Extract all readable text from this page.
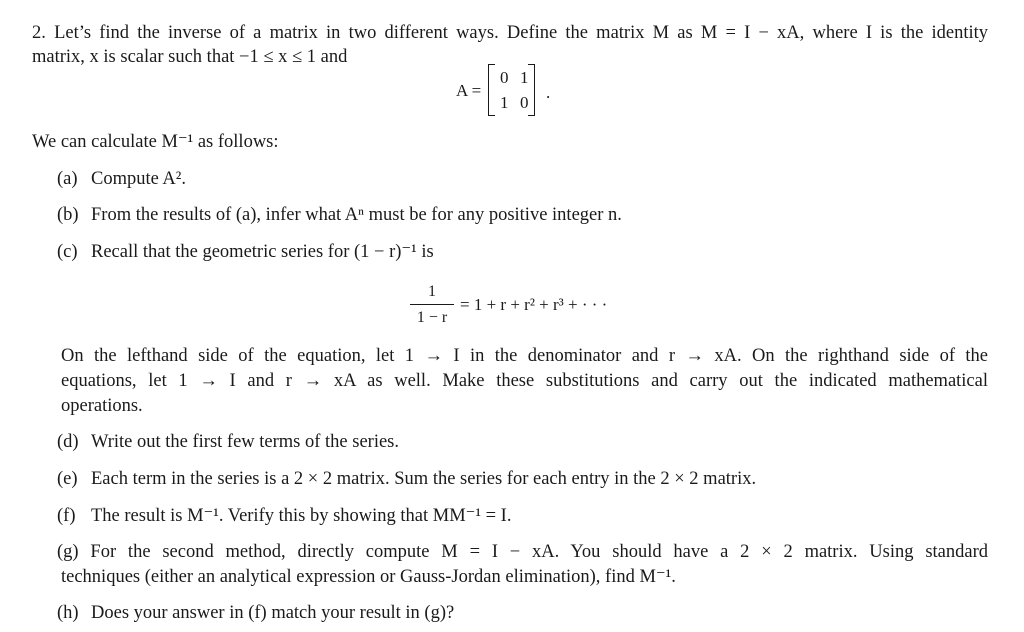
2. Let’s find the inverse of a matrix in two different ways. Define the matrix M as M = I − xA, where I is the identity
matrix, x is scalar such that −1 ≤ x ≤ 1 and
A =
0 1
1 0
.
We can calculate M⁻¹ as follows:
(a) Compute A².
(b) From the results of (a), infer what Aⁿ must be for any positive integer n.
(c) Recall that the geometric series for (1 − r)⁻¹ is
1
1 − r
= 1 + r + r² + r³ + · · ·
On the lefthand side of the equation, let 1 → I in the denominator and r → xA. On the righthand side of the
equations, let 1 → I and r → xA as well. Make these substitutions and carry out the indicated mathematical
operations.
(d) Write out the first few terms of the series.
(e) Each term in the series is a 2 × 2 matrix. Sum the series for each entry in the 2 × 2 matrix.
(f) The result is M⁻¹. Verify this by showing that MM⁻¹ = I.
(g) For the second method, directly compute M = I − xA. You should have a 2 × 2 matrix. Using standard
techniques (either an analytical expression or Gauss-Jordan elimination), find M⁻¹.
(h) Does your answer in (f) match your result in (g)?
